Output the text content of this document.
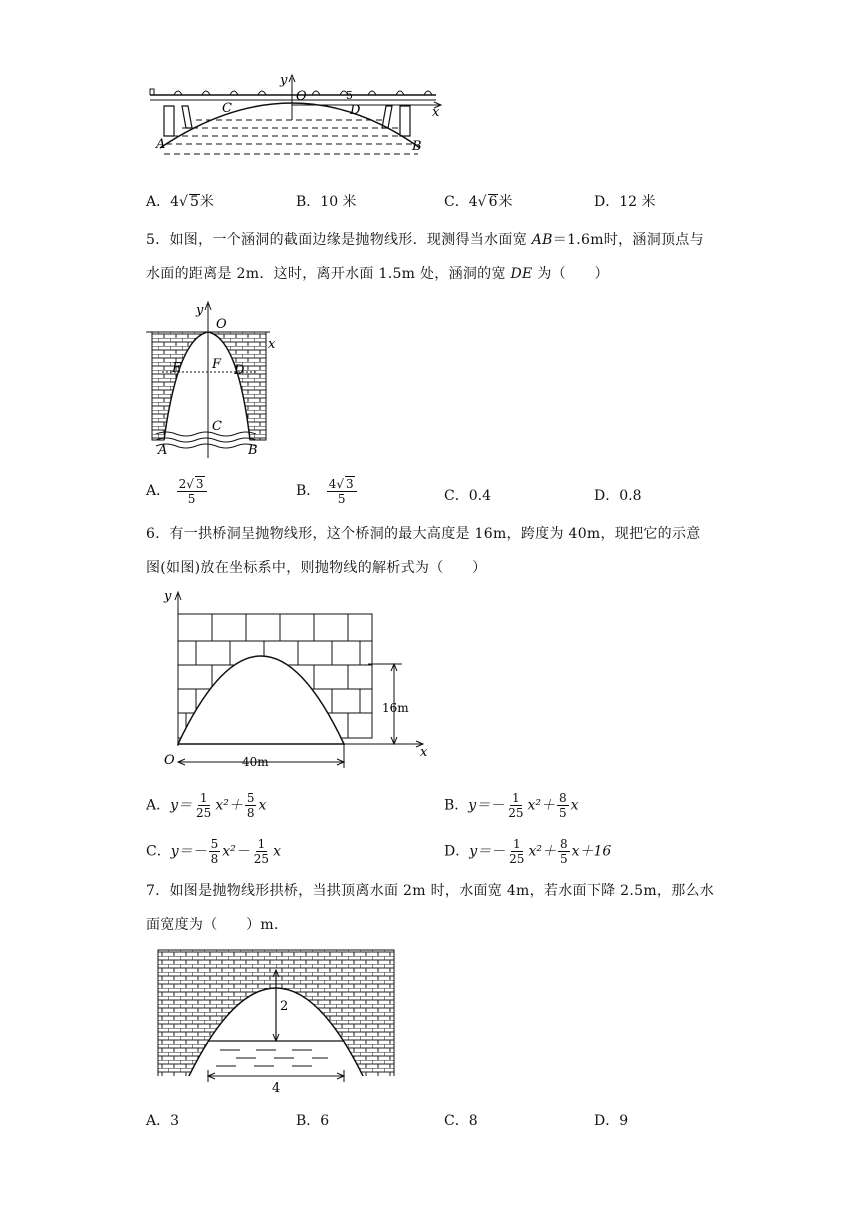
y
O	5
C	D	x
A	B
A．4√ 5米	B．10 米	C．4√ 6米	D．12 米
5．如图，一个涵洞的截面边缘是抛物线形．现测得当水面宽 AB＝1.6m时，涵洞顶点与
水面的距离是 2m．这时，离开水面 1.5m 处，涵洞的宽 DE 为（　　）
y
O
x
E F D
C
A	B
A． $\frac{2√ 3}{5}$	B． $\frac{4√ 3}{5}$	C．0.4	D．0.8
6．有一拱桥洞呈抛物线形，这个桥洞的最大高度是 16m，跨度为 40m，现把它的示意
图(如图)放在坐标系中，则抛物线的解析式为（　　）
y
O
x
16m
40m
A．$y= \frac{1}{25} x^2+ \frac{5}{8}$ x	B．$y=- \frac{1}{25} x^2+ \frac{8}{5}$ x
C．$y=- \frac{5}{8} x^2- \frac{1}{25}$ x	D．$y=- \frac{1}{25} x^2+ \frac{8}{5} x+16$
7．如图是抛物线形拱桥，当拱顶离水面 2m 时，水面宽 4m，若水面下降 2.5m，那么水
面宽度为（　　）m．
2
4
A．3	B．6	C．8	D．9
